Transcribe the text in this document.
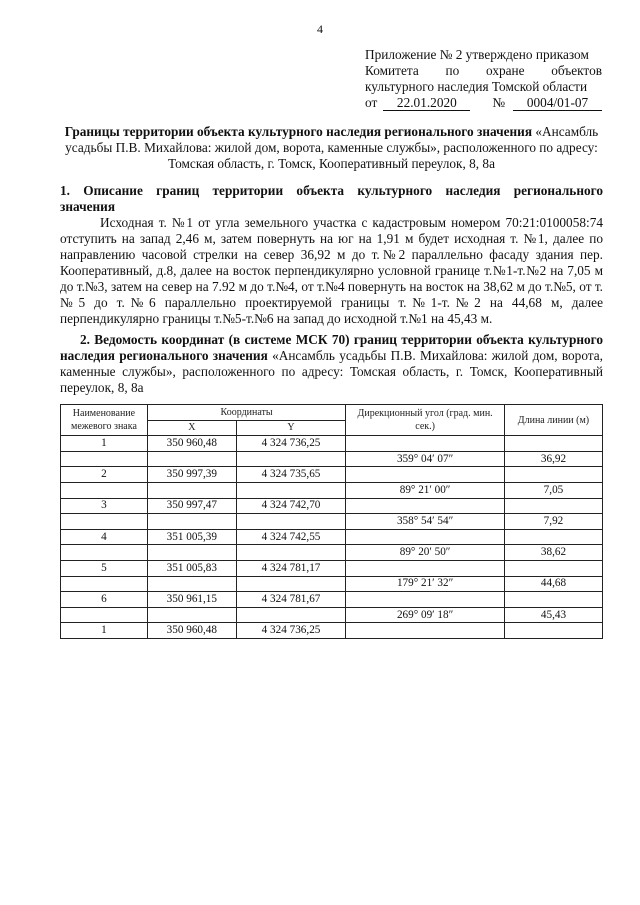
4
Приложение № 2 утверждено приказом
Комитета по охране объектов
культурного наследия Томской области
от	22.01.2020	№	0004/01-07
Границы территории объекта культурного наследия регионального значения «Ансамбль усадьбы П.В. Михайлова: жилой дом, ворота, каменные службы», расположенного по адресу: Томская область, г. Томск, Кооперативный переулок, 8, 8а
1. Описание границ территории объекта культурного наследия регионального
значения
Исходная т. №1 от угла земельного участка с кадастровым номером 70:21:0100058:74 отступить на запад 2,46 м, затем повернуть на юг на 1,91 м будет исходная т. №1, далее по направлению часовой стрелки на север 36,92 м до т.№2 параллельно фасаду здания пер. Кооперативный, д.8, далее на восток перпендикулярно условной границе т.№1-т.№2 на 7,05 м до т.№3, затем на север на 7.92 м до т.№4, от т.№4 повернуть на восток на 38,62 м до т.№5, от т.№5 до т.№6 параллельно проектируемой границы т.№1-т.№2 на 44,68 м, далее перпендикулярно границы т.№5-т.№6 на запад до исходной т.№1 на 45,43 м.
2. Ведомость координат (в системе МСК 70) границ территории объекта культурного наследия регионального значения «Ансамбль усадьбы П.В. Михайлова: жилой дом, ворота, каменные службы», расположенного по адресу: Томская область, г. Томск, Кооперативный переулок, 8, 8а
Наименование межевого знака	Координаты		Дирекционный угол (град. мин. сек.)	Длина линии (м)
	X	Y		
1	350 960,48	4 324 736,25		
			359° 04′ 07″	36,92
2	350 997,39	4 324 735,65		
			89° 21′ 00″	7,05
3	350 997,47	4 324 742,70		
			358° 54′ 54″	7,92
4	351 005,39	4 324 742,55		
			89° 20′ 50″	38,62
5	351 005,83	4 324 781,17		
			179° 21′ 32″	44,68
6	350 961,15	4 324 781,67		
			269° 09′ 18″	45,43
1	350 960,48	4 324 736,25		
